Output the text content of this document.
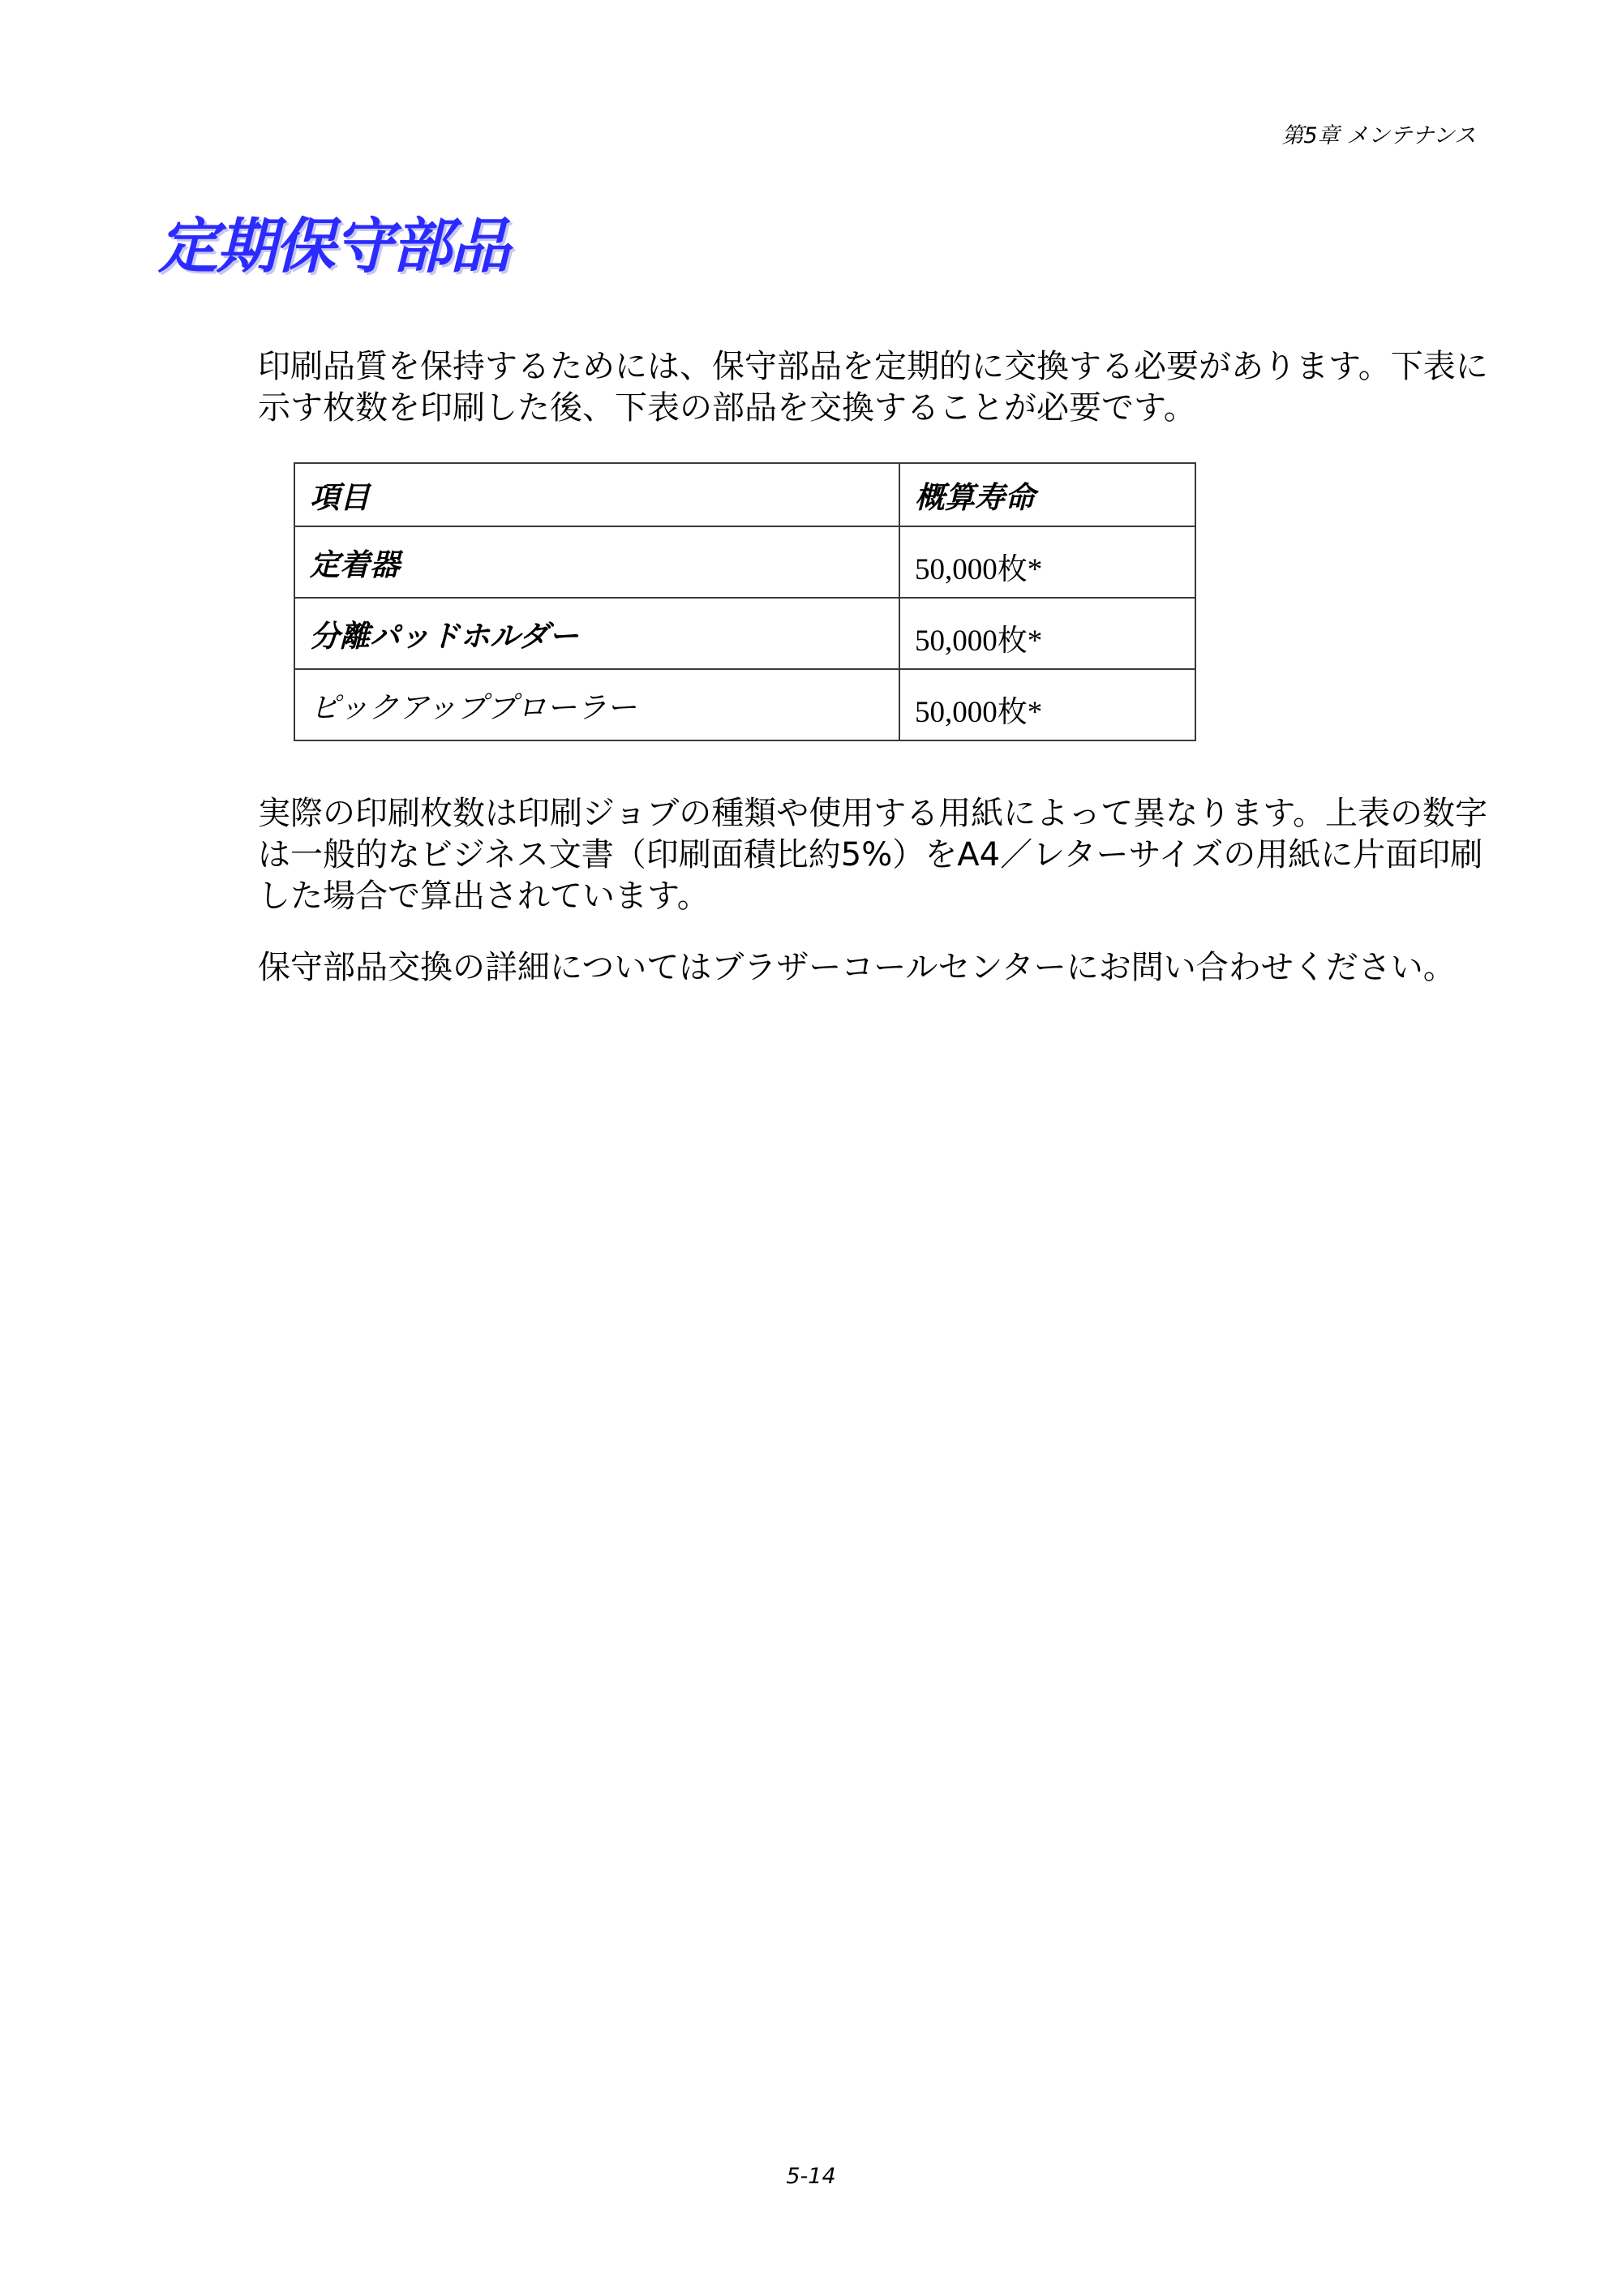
第5章 メンテナンス
定期保守部品

印刷品質を保持するためには、保守部品を定期的に交換する必要があります。下表に示す枚数を印刷した後、下表の部品を交換することが必要です。

項目	概算寿命
定着器	50,000枚*
分離パッドホルダー	50,000枚*
ピックアッププローラー	50,000枚*

実際の印刷枚数は印刷ジョブの種類や使用する用紙によって異なります。上表の数字は一般的なビジネス文書（印刷面積比約5%）をA4／レターサイズの用紙に片面印刷した場合で算出されています。

保守部品交換の詳細についてはブラザーコールセンターにお問い合わせください。

5-14
